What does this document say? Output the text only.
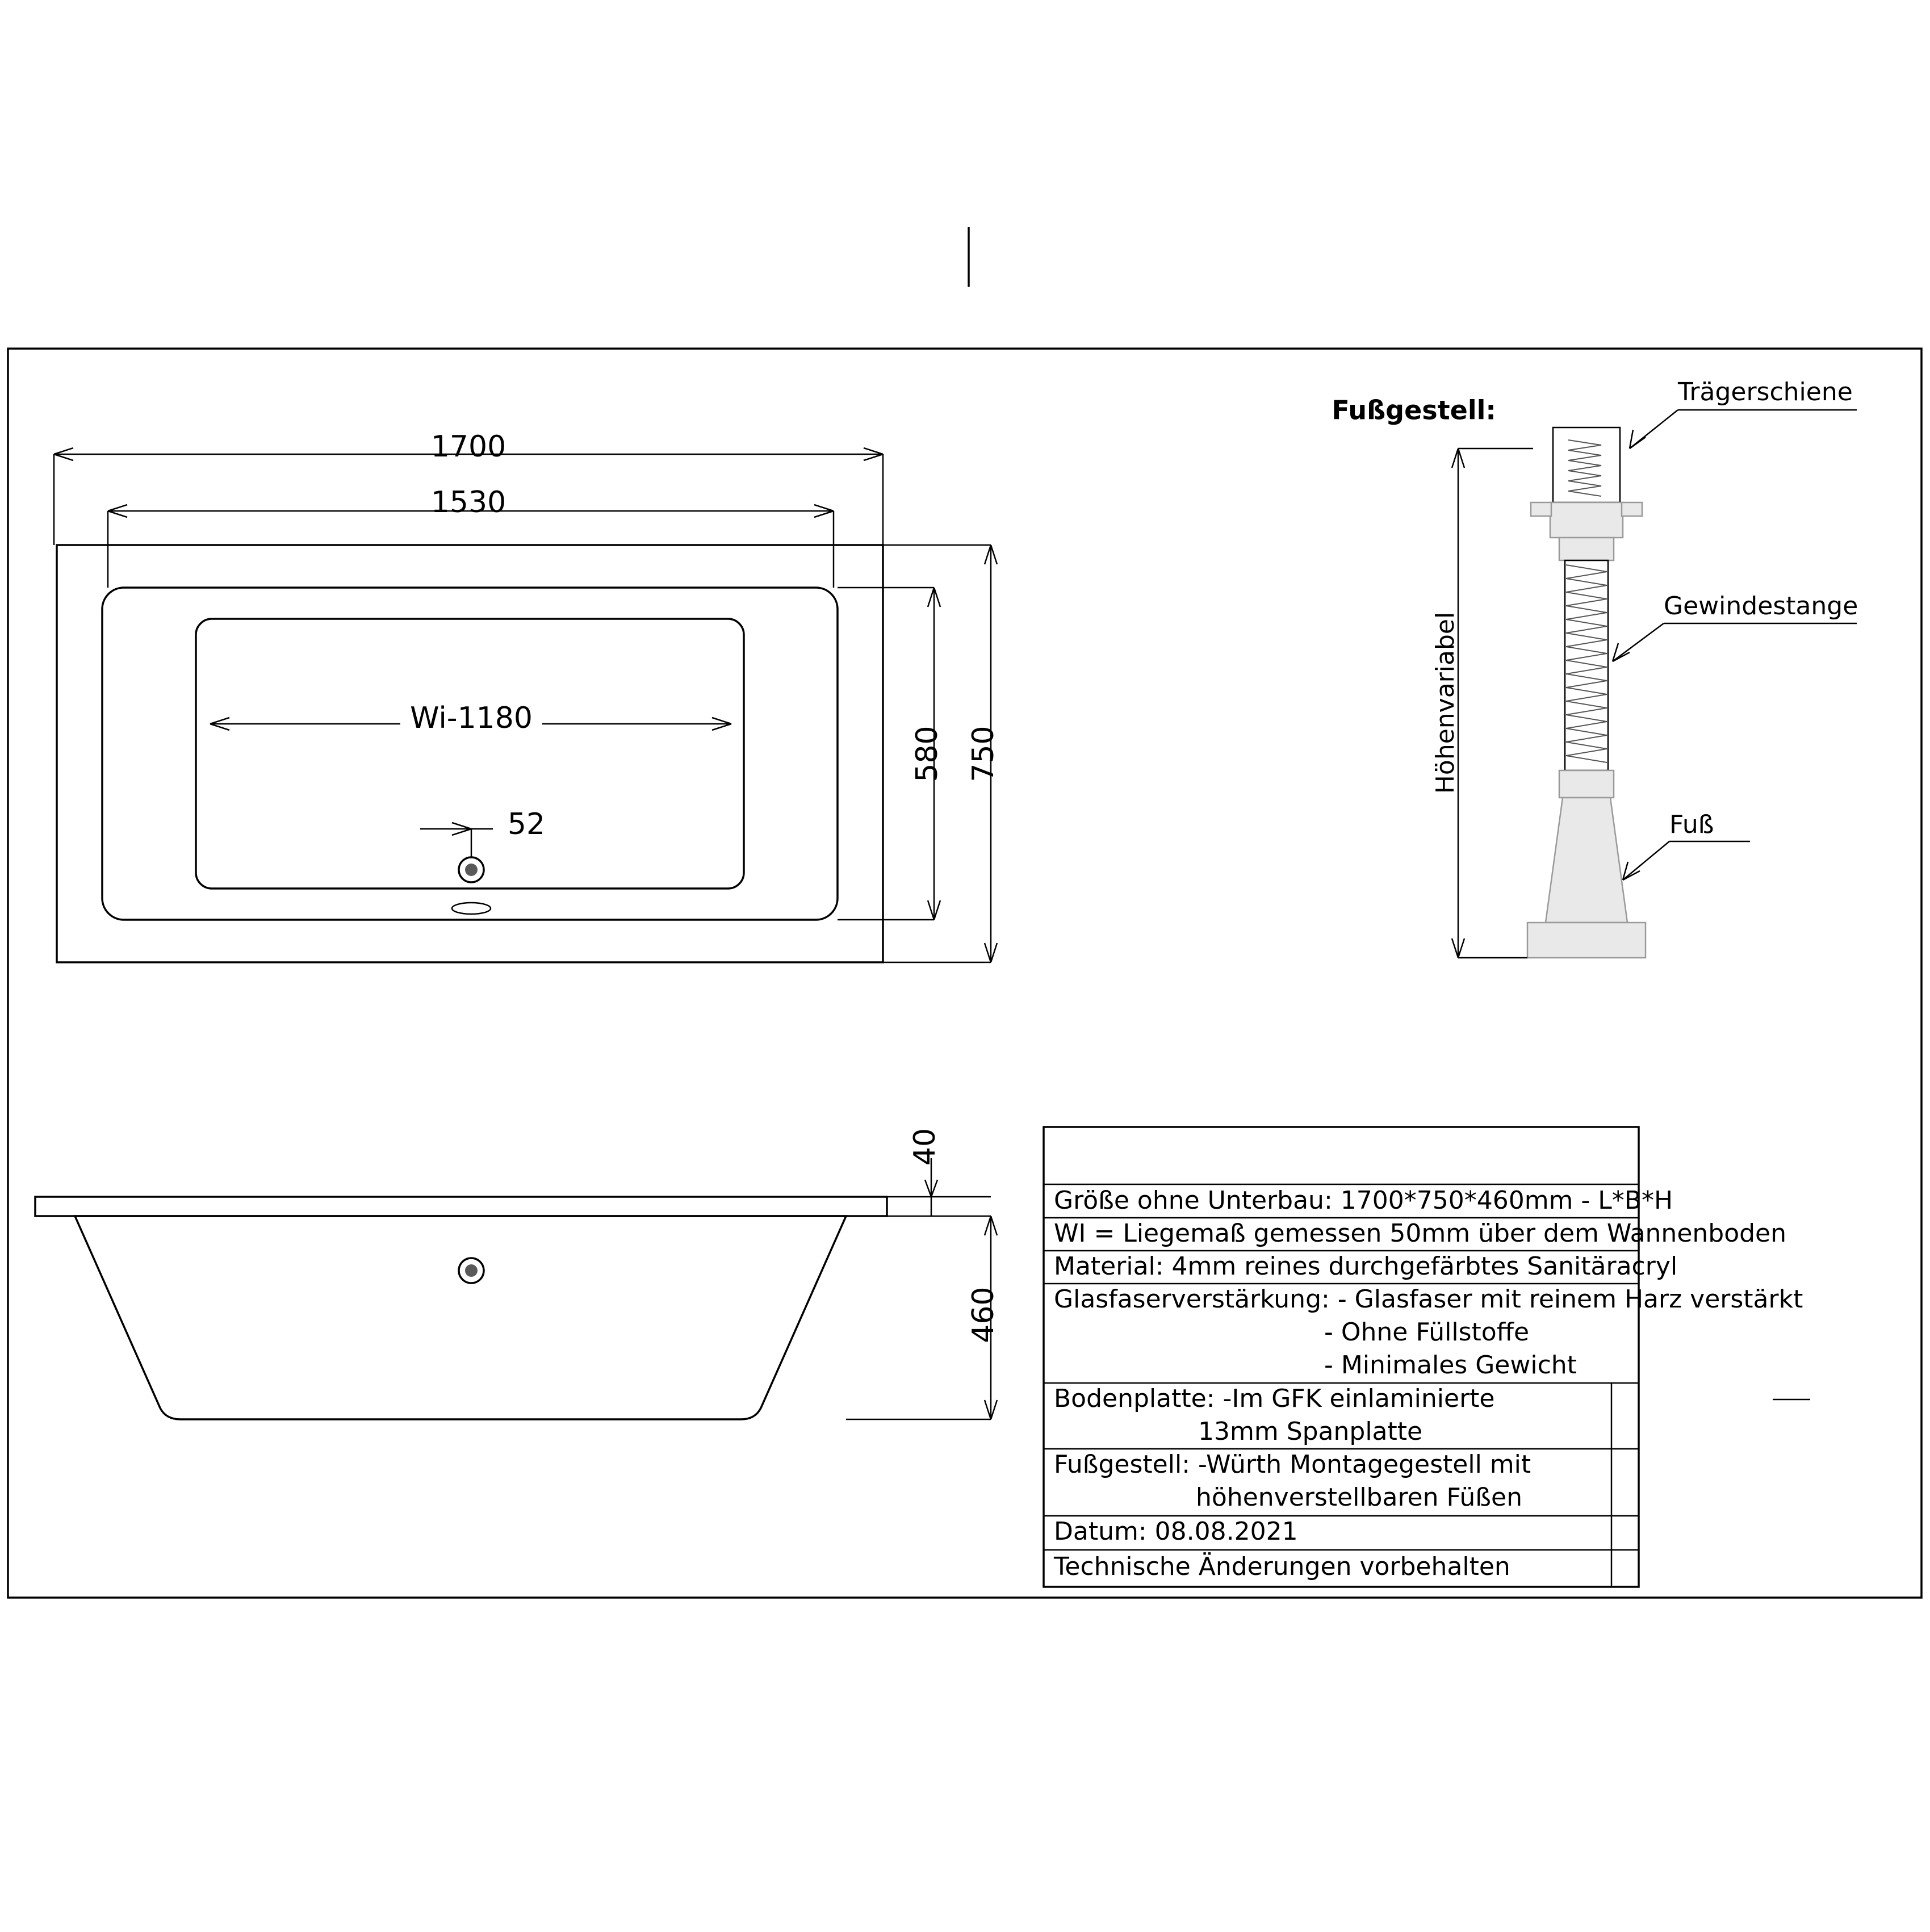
1700
1530
Wi-1180
52
580 750
40
460
Fußgestell:
Höhenvariabel
Trägerschiene
Gewindestange
Fuß
Größe ohne Unterbau: 1700*750*460mm - L*B*H
WI = Liegemaß gemessen 50mm über dem Wannenboden
Material: 4mm reines durchgefärbtes Sanitäracryl
Glasfaserverstärkung: - Glasfaser mit reinem Harz verstärkt
- Ohne Füllstoffe
- Minimales Gewicht
Bodenplatte: -Im GFK einlaminierte
13mm Spanplatte
Fußgestell: -Würth Montagegestell mit
höhenverstellbaren Füßen
Datum: 08.08.2021
Technische Änderungen vorbehalten
